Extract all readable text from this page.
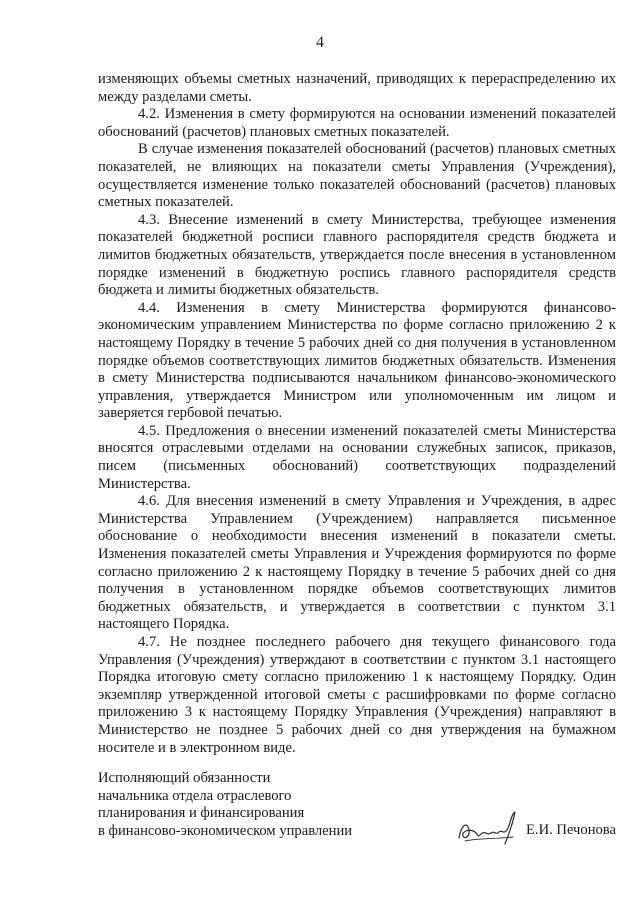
4

изменяющих объемы сметных назначений, приводящих к перераспределению их между разделами сметы.

4.2. Изменения в смету формируются на основании изменений показателей обоснований (расчетов) плановых сметных показателей.

В случае изменения показателей обоснований (расчетов) плановых сметных показателей, не влияющих на показатели сметы Управления (Учреждения), осуществляется изменение только показателей обоснований (расчетов) плановых сметных показателей.

4.3. Внесение изменений в смету Министерства, требующее изменения показателей бюджетной росписи главного распорядителя средств бюджета и лимитов бюджетных обязательств, утверждается после внесения в установленном порядке изменений в бюджетную роспись главного распорядителя средств бюджета и лимиты бюджетных обязательств.

4.4. Изменения в смету Министерства формируются финансово-экономическим управлением Министерства по форме согласно приложению 2 к настоящему Порядку в течение 5 рабочих дней со дня получения в установленном порядке объемов соответствующих лимитов бюджетных обязательств. Изменения в смету Министерства подписываются начальником финансово-экономического управления, утверждается Министром или уполномоченным им лицом и заверяется гербовой печатью.

4.5. Предложения о внесении изменений показателей сметы Министерства вносятся отраслевыми отделами на основании служебных записок, приказов, писем (письменных обоснований) соответствующих подразделений Министерства.

4.6. Для внесения изменений в смету Управления и Учреждения, в адрес Министерства Управлением (Учреждением) направляется письменное обоснование о необходимости внесения изменений в показатели сметы. Изменения показателей сметы Управления и Учреждения формируются по форме согласно приложению 2 к настоящему Порядку в течение 5 рабочих дней со дня получения в установленном порядке объемов соответствующих лимитов бюджетных обязательств, и утверждается в соответствии с пунктом 3.1 настоящего Порядка.

4.7. Не позднее последнего рабочего дня текущего финансового года Управления (Учреждения) утверждают в соответствии с пунктом 3.1 настоящего Порядка итоговую смету согласно приложению 1 к настоящему Порядку. Один экземпляр утвержденной итоговой сметы с расшифровками по форме согласно приложению 3 к настоящему Порядку Управления (Учреждения) направляют в Министерство не позднее 5 рабочих дней со дня утверждения на бумажном носителе и в электронном виде.

Исполняющий обязанности
начальника отдела отраслевого
планирования и финансирования
в финансово-экономическом управлении	Е.И. Печонова
